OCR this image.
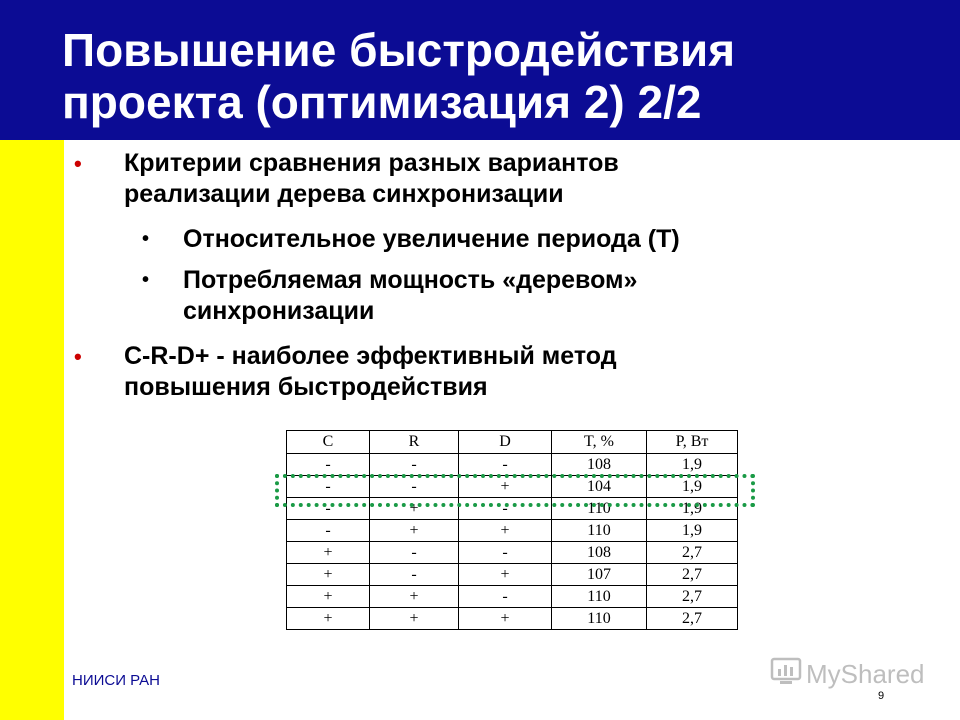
Повышение быстродействия
проекта (оптимизация 2) 2/2
• Критерии сравнения разных вариантов
реализации дерева синхронизации
• Относительное увеличение периода (T)
• Потребляемая мощность «деревом»
синхронизации
• C-R-D+ - наиболее эффективный метод
повышения быстродействия
C	R	D	T, %	P, Вт
-	-	-	108	1,9
-	-	+	104	1,9
-	+	-	110	1,9
-	+	+	110	1,9
+	-	-	108	2,7
+	-	+	107	2,7
+	+	-	110	2,7
+	+	+	110	2,7
НИИСИ РАН	MyShared
9
